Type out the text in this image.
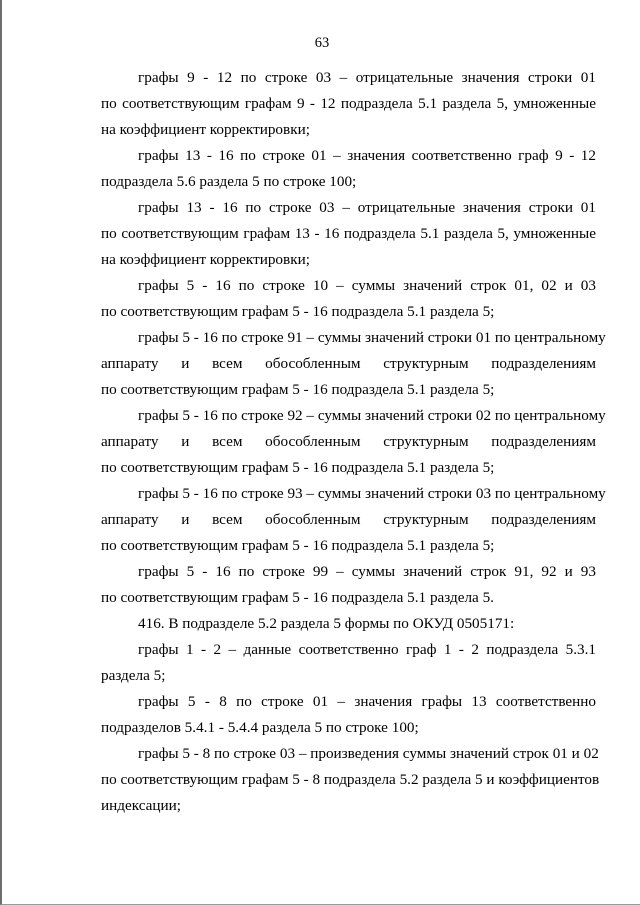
63

графы 9 - 12 по строке 03 – отрицательные значения строки 01
по соответствующим графам 9 - 12 подраздела 5.1 раздела 5, умноженные
на коэффициент корректировки;

графы 13 - 16 по строке 01 – значения соответственно граф 9 - 12
подраздела 5.6 раздела 5 по строке 100;

графы 13 - 16 по строке 03 – отрицательные значения строки 01
по соответствующим графам 13 - 16 подраздела 5.1 раздела 5, умноженные
на коэффициент корректировки;

графы 5 - 16 по строке 10 – суммы значений строк 01, 02 и 03
по соответствующим графам 5 - 16 подраздела 5.1 раздела 5;

графы 5 - 16 по строке 91 – суммы значений строки 01 по центральному
аппарату и всем обособленным структурным подразделениям
по соответствующим графам 5 - 16 подраздела 5.1 раздела 5;

графы 5 - 16 по строке 92 – суммы значений строки 02 по центральному
аппарату и всем обособленным структурным подразделениям
по соответствующим графам 5 - 16 подраздела 5.1 раздела 5;

графы 5 - 16 по строке 93 – суммы значений строки 03 по центральному
аппарату и всем обособленным структурным подразделениям
по соответствующим графам 5 - 16 подраздела 5.1 раздела 5;

графы 5 - 16 по строке 99 – суммы значений строк 91, 92 и 93
по соответствующим графам 5 - 16 подраздела 5.1 раздела 5.

416. В подразделе 5.2 раздела 5 формы по ОКУД 0505171:

графы 1 - 2 – данные соответственно граф 1 - 2 подраздела 5.3.1
раздела 5;

графы 5 - 8 по строке 01 – значения графы 13 соответственно
подразделов 5.4.1 - 5.4.4 раздела 5 по строке 100;

графы 5 - 8 по строке 03 – произведения суммы значений строк 01 и 02
по соответствующим графам 5 - 8 подраздела 5.2 раздела 5 и коэффициентов
индексации;
